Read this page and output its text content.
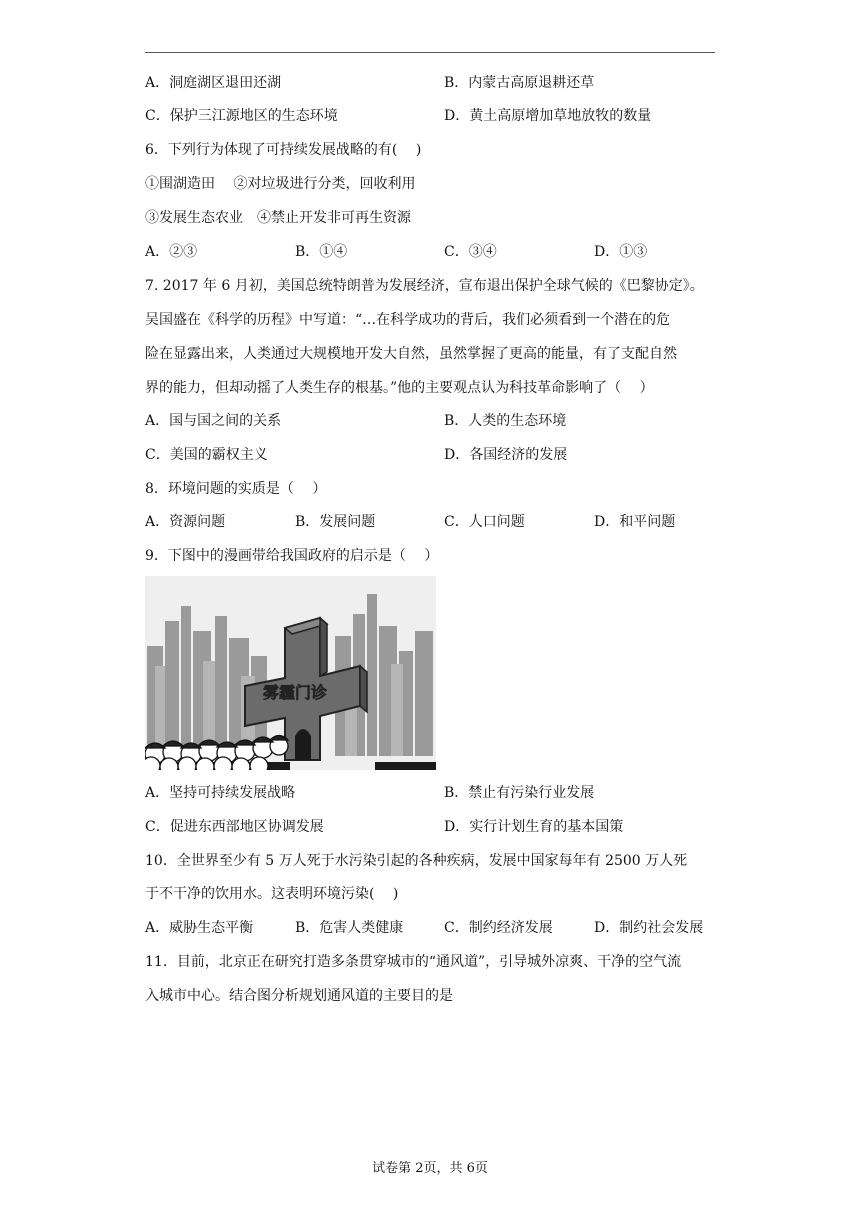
A．洞庭湖区退田还湖	B．内蒙古高原退耕还草
C．保护三江源地区的生态环境	D．黄土高原增加草地放牧的数量
6．下列行为体现了可持续发展战略的有(　 )
①围湖造田　 ②对垃圾进行分类，回收利用
③发展生态农业　④禁止开发非可再生资源
A．②③	B．①④	C．③④	D．①③
7. 2017 年 6 月初，美国总统特朗普为发展经济，宣布退出保护全球气候的《巴黎协定》。
吴国盛在《科学的历程》中写道：“…在科学成功的背后，我们必须看到一个潜在的危
险在显露出来，人类通过大规模地开发大自然，虽然掌握了更高的能量，有了支配自然
界的能力，但却动摇了人类生存的根基。”他的主要观点认为科技革命影响了（　 ）
A．国与国之间的关系	B．人类的生态环境
C．美国的霸权主义	D．各国经济的发展
8．环境问题的实质是（　 ）
A．资源问题	B．发展问题	C．人口问题	D．和平问题
9．下图中的漫画带给我国政府的启示是（　 ）
雾霾门诊
A．坚持可持续发展战略	B．禁止有污染行业发展
C．促进东西部地区协调发展	D．实行计划生育的基本国策
10．全世界至少有 5 万人死于水污染引起的各种疾病，发展中国家每年有 2500 万人死
于不干净的饮用水。这表明环境污染(　 )
A．威胁生态平衡	B．危害人类健康	C．制约经济发展	D．制约社会发展
11．目前，北京正在研究打造多条贯穿城市的“通风道”，引导城外凉爽、干净的空气流
入城市中心。结合图分析规划通风道的主要目的是
试卷第 2页，共 6页
